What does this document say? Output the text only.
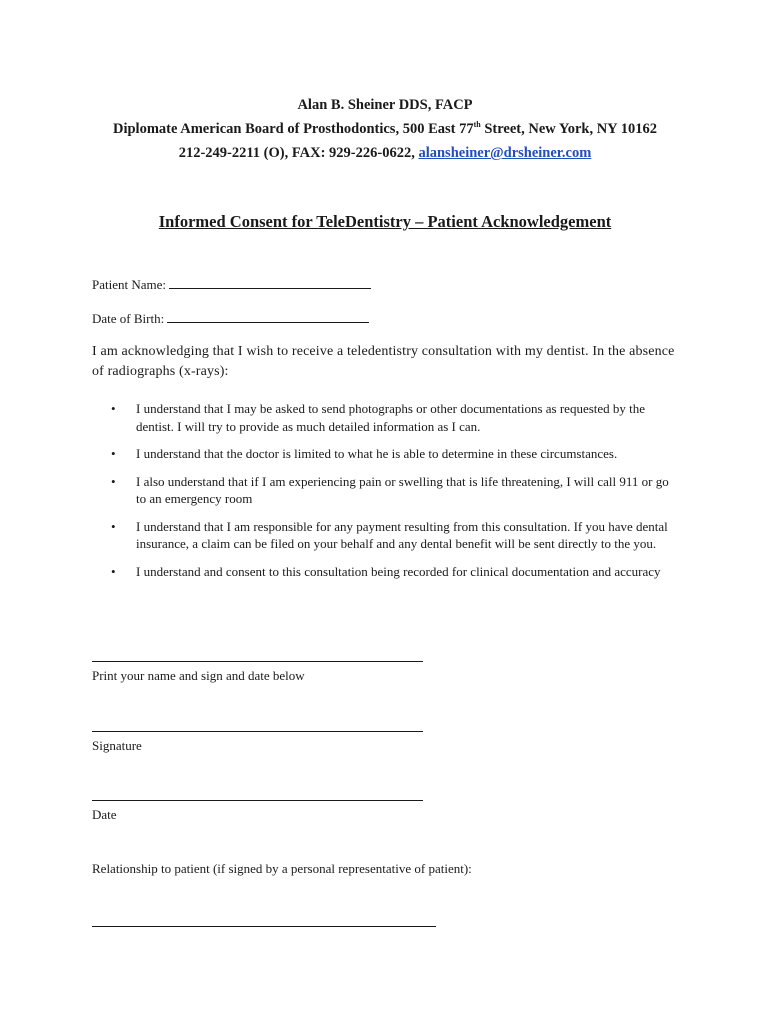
Alan B. Sheiner DDS, FACP

Diplomate American Board of Prosthodontics, 500 East 77th Street, New York, NY 10162

212-249-2211 (O), FAX: 929-226-0622, alansheiner@drsheiner.com

Informed Consent for TeleDentistry – Patient Acknowledgement

Patient Name:

Date of Birth:

I am acknowledging that I wish to receive a teledentistry consultation with my dentist. In the absence of radiographs (x-rays):

• I understand that I may be asked to send photographs or other documentations as requested by the dentist. I will try to provide as much detailed information as I can.
• I understand that the doctor is limited to what he is able to determine in these circumstances.
• I also understand that if I am experiencing pain or swelling that is life threatening, I will call 911 or go to an emergency room
• I understand that I am responsible for any payment resulting from this consultation. If you have dental insurance, a claim can be filed on your behalf and any dental benefit will be sent directly to the you.
• I understand and consent to this consultation being recorded for clinical documentation and accuracy

Print your name and sign and date below

Signature

Date

Relationship to patient (if signed by a personal representative of patient):
